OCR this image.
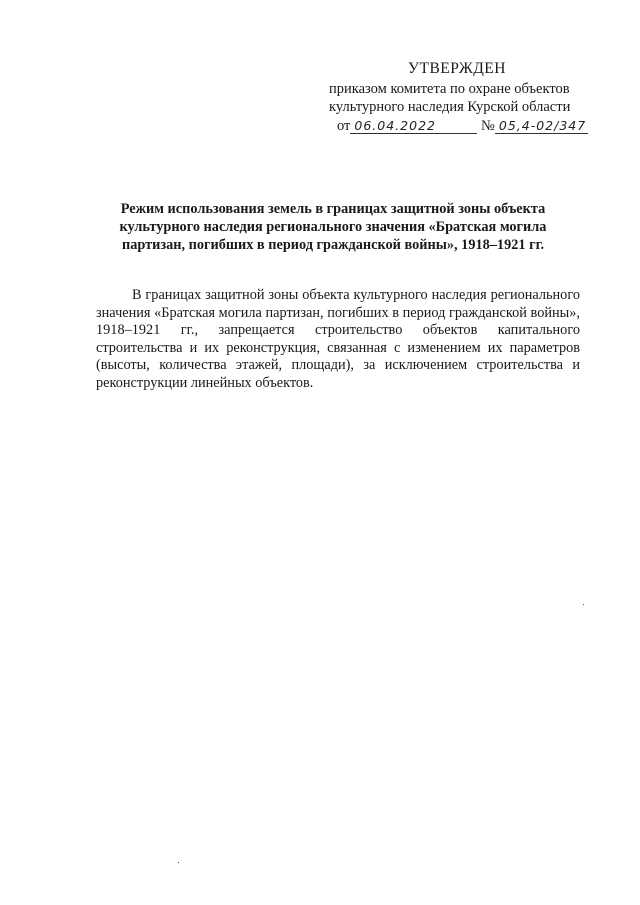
УТВЕРЖДЕН
приказом комитета по охране объектов
культурного наследия Курской области
от 06.04.2022	№ 05,4-02/347
Режим использования земель в границах защитной зоны объекта культурного наследия регионального значения «Братская могила партизан, погибших в период гражданской войны», 1918–1921 гг.

В границах защитной зоны объекта культурного наследия регионального значения «Братская могила партизан, погибших в период гражданской войны», 1918–1921 гг., запрещается строительство объектов капитального строительства и их реконструкция, связанная с изменением их параметров (высоты, количества этажей, площади), за исключением строительства и реконструкции линейных объектов.
